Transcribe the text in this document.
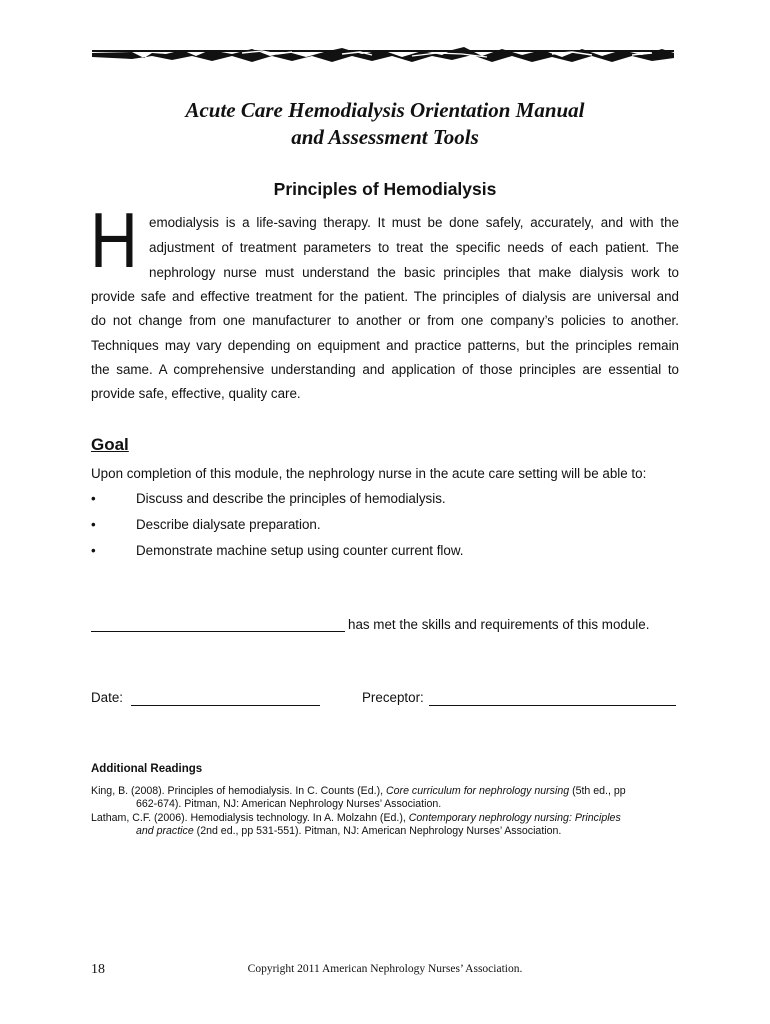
Acute Care Hemodialysis Orientation Manual
and Assessment Tools
Principles of Hemodialysis
H emodialysis is a life-saving therapy. It must be done safely, accurately, and with the
adjustment of treatment parameters to treat the specific needs of each patient. The
nephrology nurse must understand the basic principles that make dialysis work to
provide safe and effective treatment for the patient. The principles of dialysis are universal and
do not change from one manufacturer to another or from one company’s policies to another.
Techniques may vary depending on equipment and practice patterns, but the principles remain
the same. A comprehensive understanding and application of those principles are essential to
provide safe, effective, quality care.
Goal
Upon completion of this module, the nephrology nurse in the acute care setting will be able to:
•	Discuss and describe the principles of hemodialysis.
•	Describe dialysate preparation.
•	Demonstrate machine setup using counter current flow.
has met the skills and requirements of this module.
Date:	Preceptor:
Additional Readings
King, B. (2008). Principles of hemodialysis. In C. Counts (Ed.), Core curriculum for nephrology nursing (5th ed., pp
662-674). Pitman, NJ: American Nephrology Nurses’ Association.
Latham, C.F. (2006). Hemodialysis technology. In A. Molzahn (Ed.), Contemporary nephrology nursing: Principles
and practice (2nd ed., pp 531-551). Pitman, NJ: American Nephrology Nurses’ Association.
18	Copyright 2011 American Nephrology Nurses’ Association.
